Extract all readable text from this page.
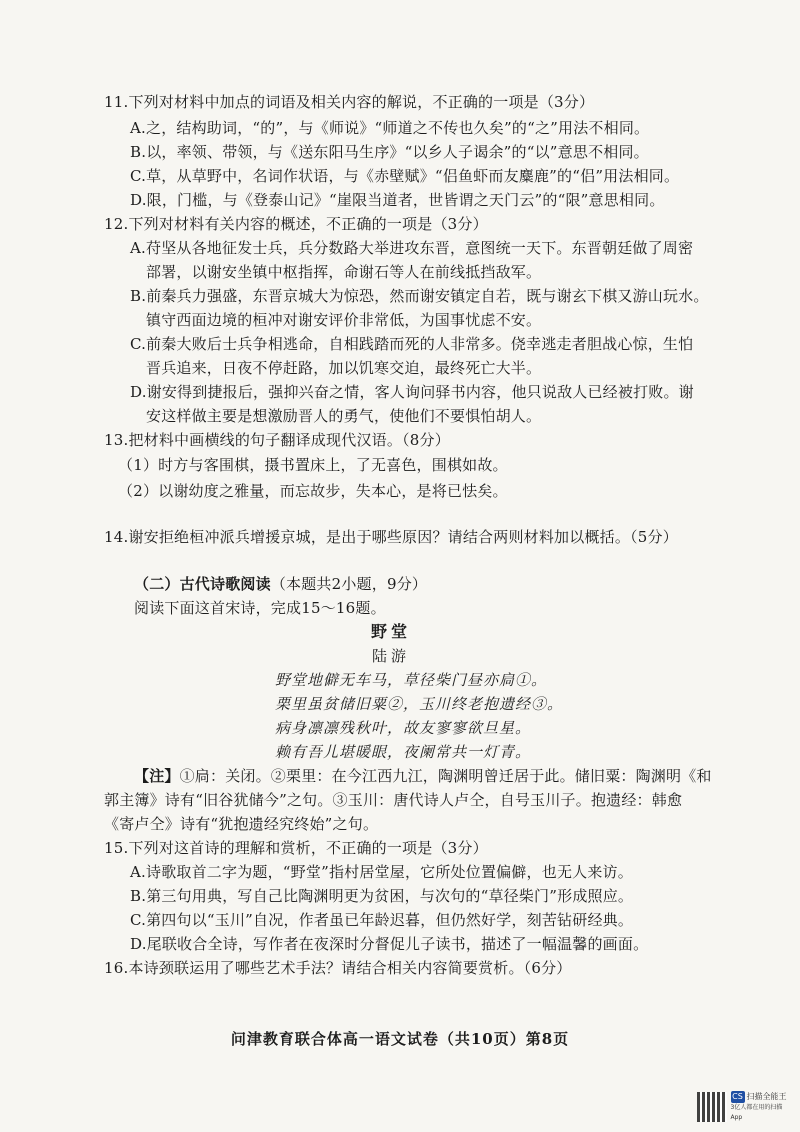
11.下列对材料中加点的词语及相关内容的解说，不正确的一项是（3分）
A.之，结构助词，“的”，与《师说》“师道之不传也久矣”的“之”用法不相同。
B.以，率领、带领，与《送东阳马生序》“以乡人子谒余”的“以”意思不相同。
C.草，从草野中，名词作状语，与《赤壁赋》“侣鱼虾而友麋鹿”的“侣”用法相同。
D.限，门槛，与《登泰山记》“崖限当道者，世皆谓之天门云”的“限”意思相同。
12.下列对材料有关内容的概述，不正确的一项是（3分）
A.苻坚从各地征发士兵，兵分数路大举进攻东晋，意图统一天下。东晋朝廷做了周密
部署，以谢安坐镇中枢指挥，命谢石等人在前线抵挡敌军。
B.前秦兵力强盛，东晋京城大为惊恐，然而谢安镇定自若，既与谢玄下棋又游山玩水。
镇守西面边境的桓冲对谢安评价非常低，为国事忧虑不安。
C.前秦大败后士兵争相逃命，自相践踏而死的人非常多。侥幸逃走者胆战心惊，生怕
晋兵追来，日夜不停赶路，加以饥寒交迫，最终死亡大半。
D.谢安得到捷报后，强抑兴奋之情，客人询问驿书内容，他只说敌人已经被打败。谢
安这样做主要是想激励晋人的勇气，使他们不要惧怕胡人。
13.把材料中画横线的句子翻译成现代汉语。（8分）
（1）时方与客围棋，摄书置床上，了无喜色，围棋如故。
（2）以谢幼度之雅量，而忘故步，失本心，是将已怯矣。
14.谢安拒绝桓冲派兵增援京城，是出于哪些原因？请结合两则材料加以概括。（5分）
（二）古代诗歌阅读（本题共2小题，9分）
阅读下面这首宋诗，完成15～16题。
野堂
陆游
野堂地僻无车马，草径柴门昼亦扃①。
栗里虽贫储旧粟②，玉川终老抱遗经③。
病身凛凛残秋叶，故友寥寥欲旦星。
赖有吾儿堪暖眼，夜阑常共一灯青。
【注】①扃：关闭。②栗里：在今江西九江，陶渊明曾迁居于此。储旧粟：陶渊明《和
郭主簿》诗有“旧谷犹储今”之句。③玉川：唐代诗人卢仝，自号玉川子。抱遗经：韩愈
《寄卢仝》诗有“犹抱遗经究终始”之句。
15.下列对这首诗的理解和赏析，不正确的一项是（3分）
A.诗歌取首二字为题，“野堂”指村居堂屋，它所处位置偏僻，也无人来访。
B.第三句用典，写自己比陶渊明更为贫困，与次句的“草径柴门”形成照应。
C.第四句以“玉川”自况，作者虽已年龄迟暮，但仍然好学，刻苦钻研经典。
D.尾联收合全诗，写作者在夜深时分督促儿子读书，描述了一幅温馨的画面。
16.本诗颈联运用了哪些艺术手法？请结合相关内容简要赏析。（6分）
问津教育联合体高一语文试卷（共10页）第8页
CS 扫描全能王
3亿人都在用的扫描App
